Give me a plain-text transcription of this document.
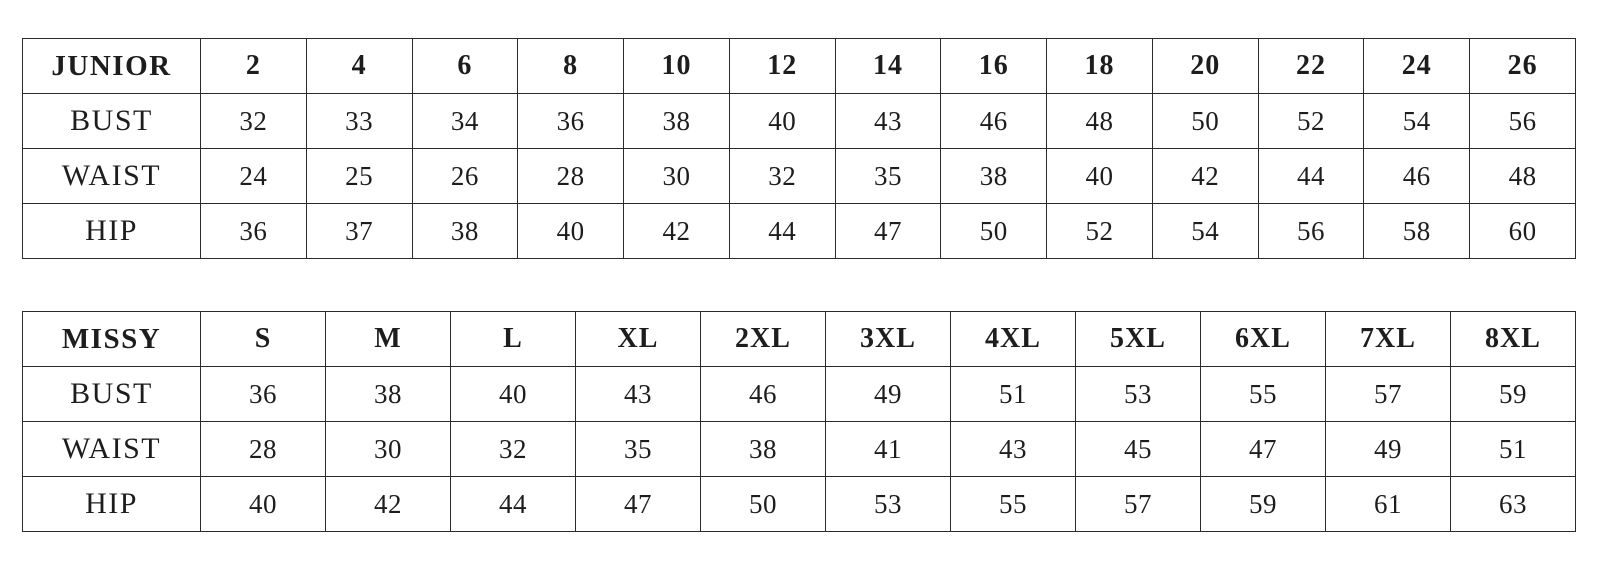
JUNIOR	2	4	6	8	10	12	14	16	18	20	22	24	26
BUST	32	33	34	36	38	40	43	46	48	50	52	54	56
WAIST	24	25	26	28	30	32	35	38	40	42	44	46	48
HIP	36	37	38	40	42	44	47	50	52	54	56	58	60
MISSY	S	M	L	XL	2XL	3XL	4XL	5XL	6XL	7XL	8XL
BUST	36	38	40	43	46	49	51	53	55	57	59
WAIST	28	30	32	35	38	41	43	45	47	49	51
HIP	40	42	44	47	50	53	55	57	59	61	63
